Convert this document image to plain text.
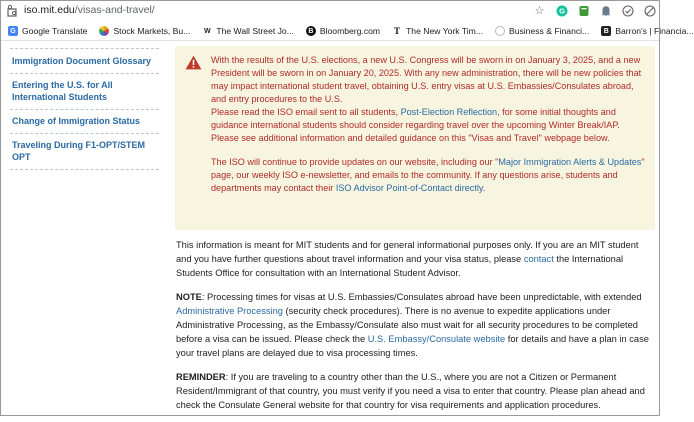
iso.mit.edu/visas-and-travel/	☆ G
G Google Translate	Stock Markets, Bu... W The Wall Street Jo...	B Bloomberg.com T The New York Tim...	Business & Financi...	B Barron's | Financia...
Immigration Document Glossary
Entering the U.S. for All International Students
Change of Immigration Status
Traveling During F1-OPT/STEM OPT

With the results of the U.S. elections, a new U.S. Congress will be sworn in on January 3, 2025, and a new President will be sworn in on January 20, 2025. With any new administration, there will be new policies that may impact international student travel, obtaining U.S. entry visas at U.S. Embassies/Consulates abroad, and entry procedures to the U.S.

Please read the ISO email sent to all students, Post-Election Reflection, for some initial thoughts and guidance international students should consider regarding travel over the upcoming Winter Break/IAP.

Please see additional information and detailed guidance on this "Visas and Travel" webpage below.

The ISO will continue to provide updates on our website, including our "Major Immigration Alerts & Updates" page, our weekly ISO e-newsletter, and emails to the community. If any questions arise, students and departments may contact their ISO Advisor Point-of-Contact directly.

This information is meant for MIT students and for general informational purposes only. If you are an MIT student and you have further questions about travel information and your visa status, please contact the International Students Office for consultation with an International Student Advisor.

NOTE: Processing times for visas at U.S. Embassies/Consulates abroad have been unpredictable, with extended Administrative Processing (security check procedures). There is no avenue to expedite applications under Administrative Processing, as the Embassy/Consulate also must wait for all security procedures to be completed before a visa can be issued. Please check the U.S. Embassy/Consulate website for details and have a plan in case your travel plans are delayed due to visa processing times.

REMINDER: If you are traveling to a country other than the U.S., where you are not a Citizen or Permanent Resident/Immigrant of that country, you must verify if you need a visa to enter that country. Please plan ahead and check the Consulate General website for that country for visa requirements and application procedures.
